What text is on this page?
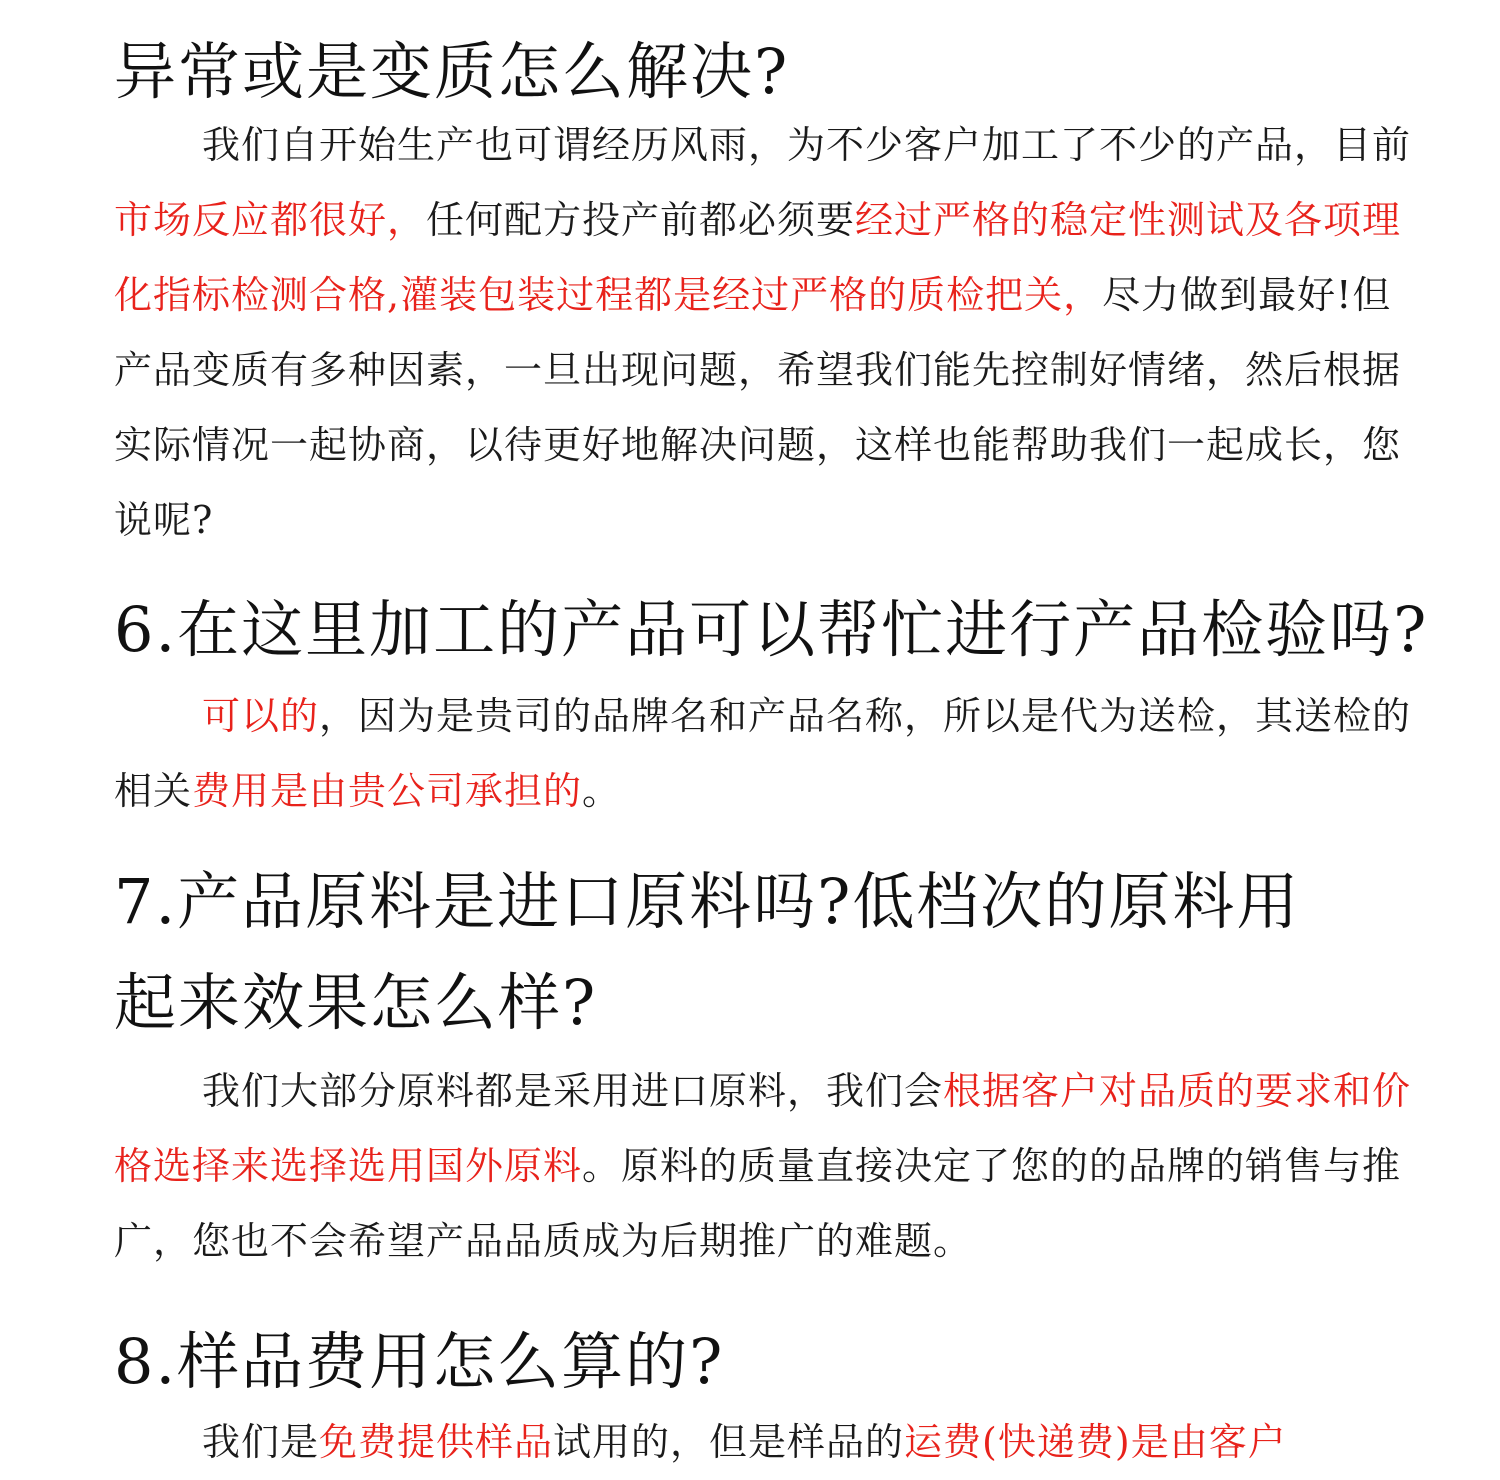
异常或是变质怎么解决?
我们自开始生产也可谓经历风雨，为不少客户加工了不少的产品，目前市场反应都很好，任何配方投产前都必须要经过严格的稳定性测试及各项理化指标检测合格,灌装包装过程都是经过严格的质检把关，尽力做到最好!但产品变质有多种因素，一旦出现问题，希望我们能先控制好情绪，然后根据实际情况一起协商，以待更好地解决问题，这样也能帮助我们一起成长，您说呢?
6.在这里加工的产品可以帮忙进行产品检验吗?
可以的，因为是贵司的品牌名和产品名称，所以是代为送检，其送检的相关费用是由贵公司承担的。
7.产品原料是进口原料吗?低档次的原料用
起来效果怎么样?
我们大部分原料都是采用进口原料，我们会根据客户对品质的要求和价格选择来选择选用国外原料。原料的质量直接决定了您的的品牌的销售与推广，您也不会希望产品品质成为后期推广的难题。
8.样品费用怎么算的?
我们是免费提供样品试用的，但是样品的运费(快递费)是由客户
